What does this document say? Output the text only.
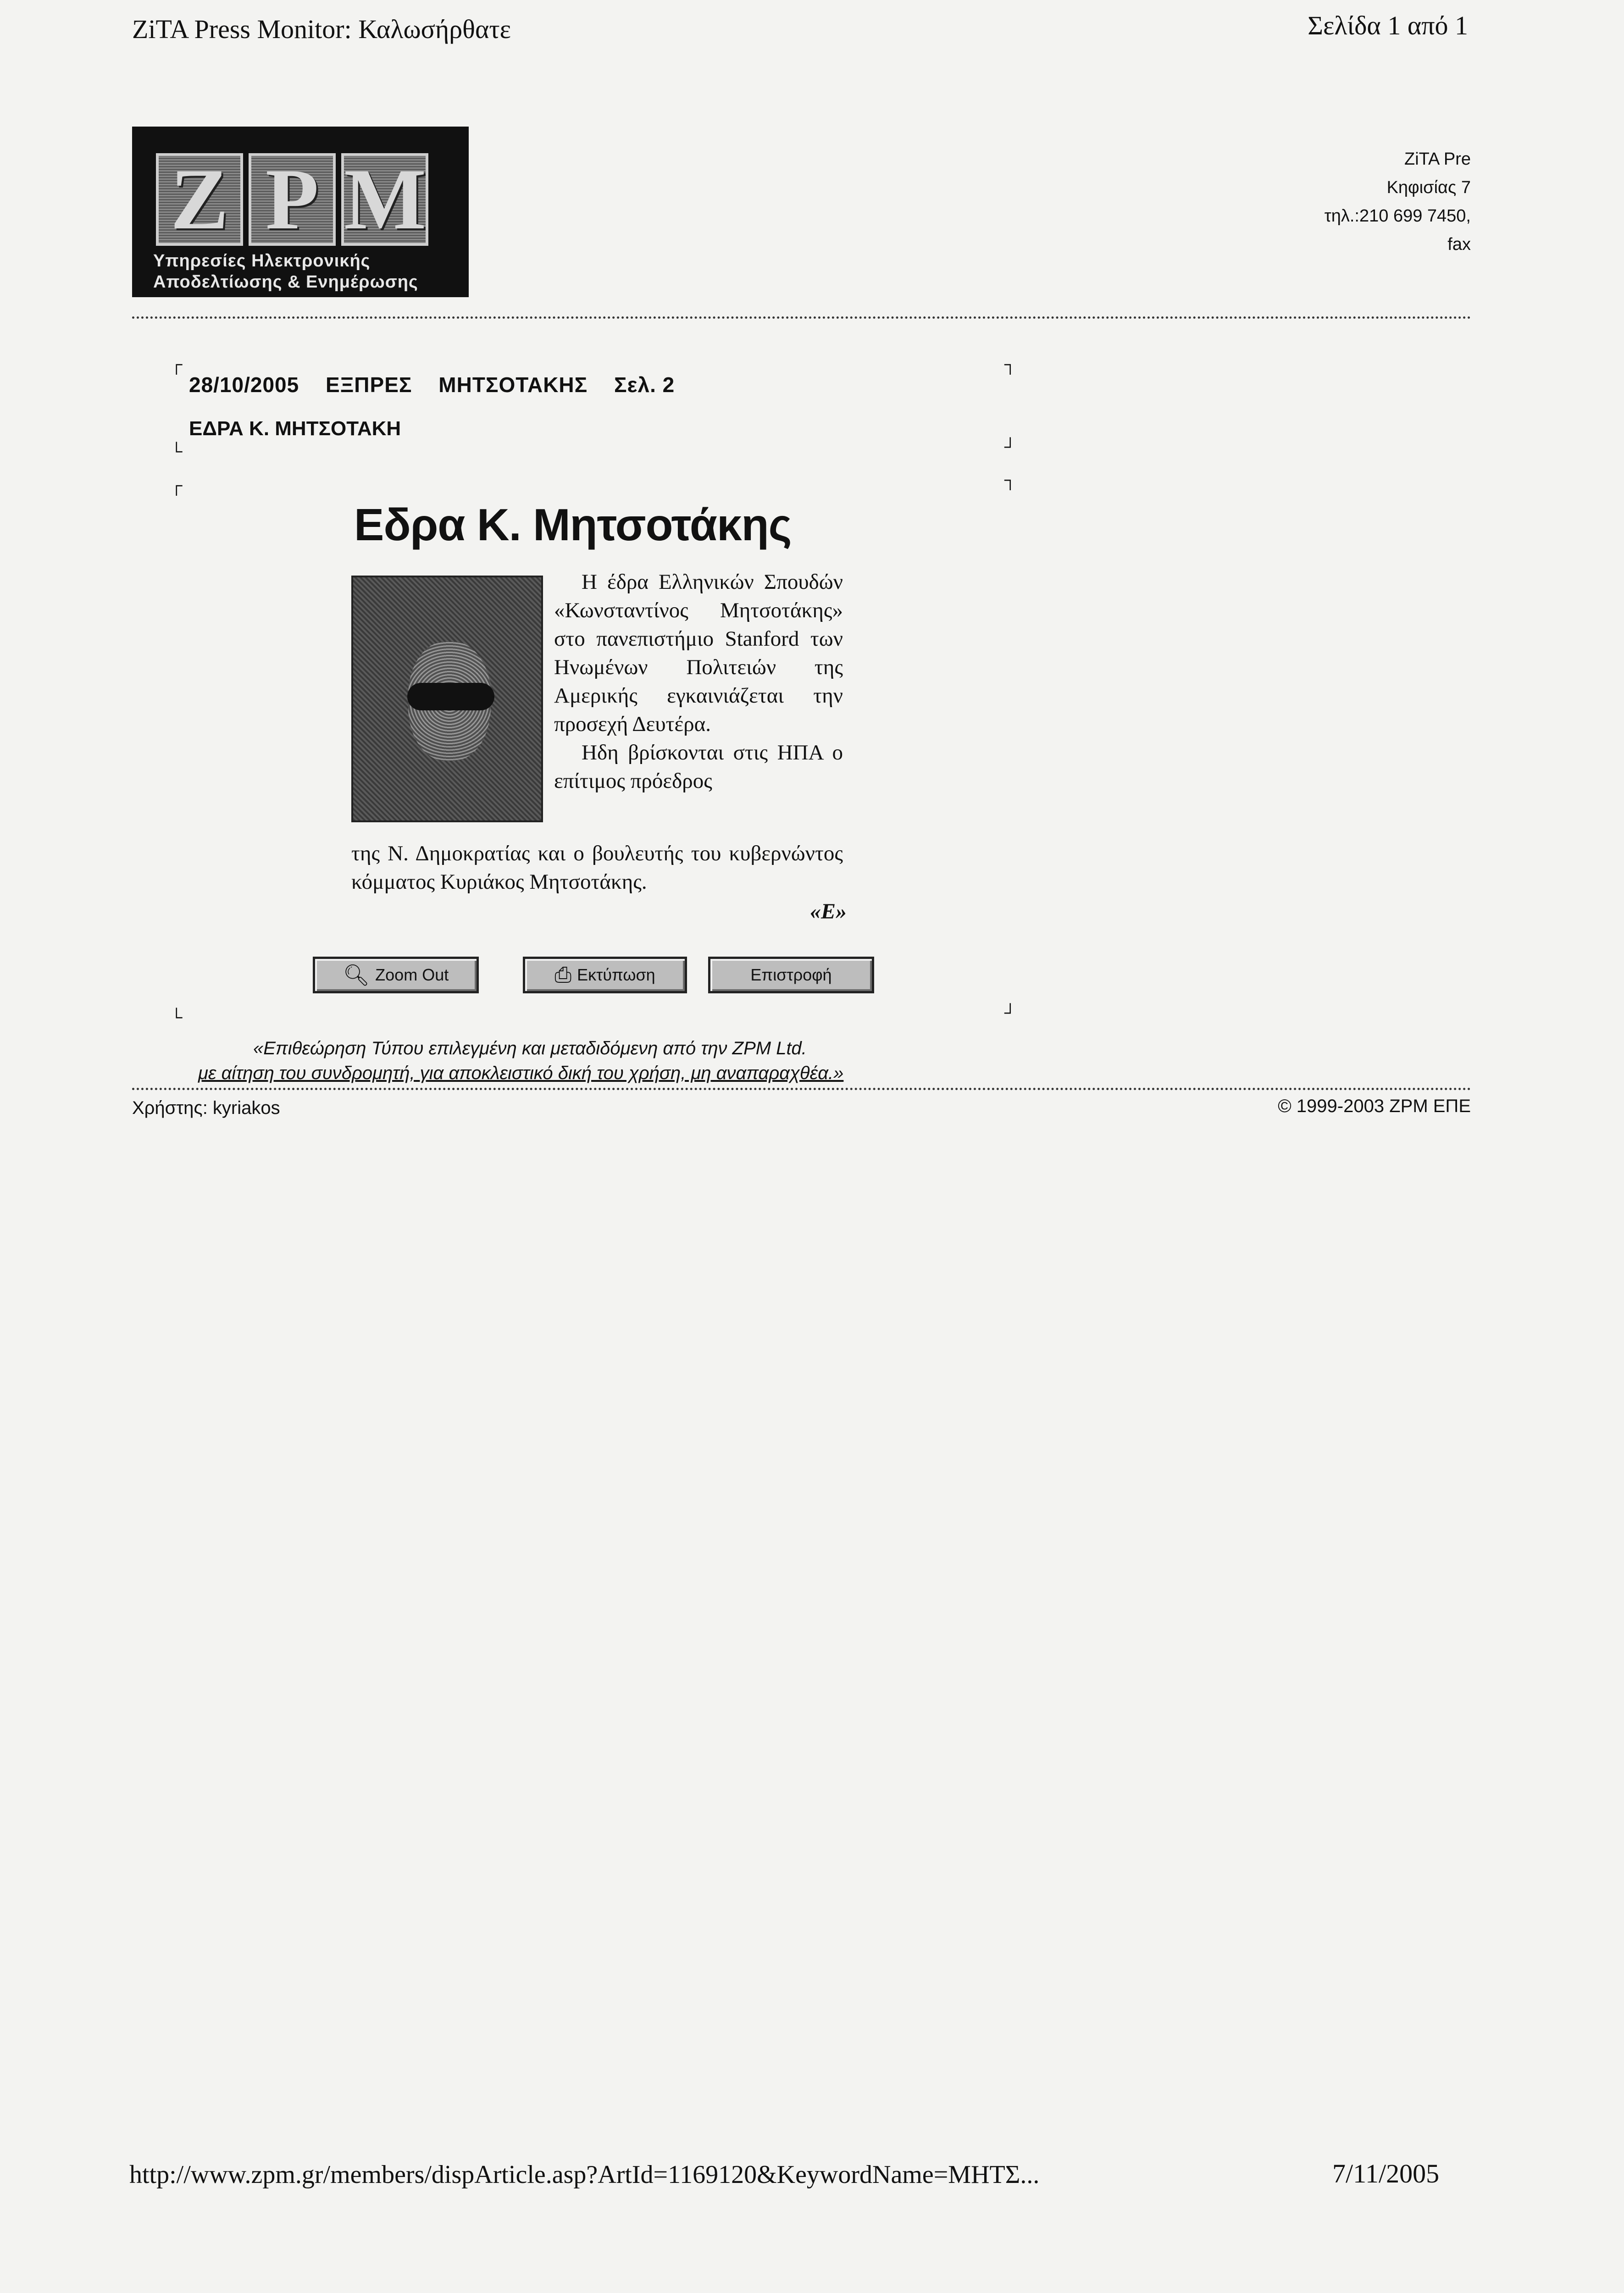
ZiTA Press Monitor: Καλωσήρθατε	Σελίδα 1 από 1
Z P M
Υπηρεσίες Ηλεκτρονικής
Αποδελτίωσης & Ενημέρωσης
ZiTA Pre
Κηφισίας 7
τηλ.:210 699 7450,
fax
┌	┐
└	┘
┌	┐
└	┘
28/10/2005 ΕΞΠΡΕΣ ΜΗΤΣΟΤΑΚΗΣ Σελ. 2
ΕΔΡΑ Κ. ΜΗΤΣΟΤΑΚΗ
Εδρα Κ. Μητσοτάκης
Η έδρα Ελληνικών Σπουδών «Κωνσταντίνος Μητσοτάκης» στο πανεπιστήμιο Stanford των Ηνωμένων Πολιτειών της Αμερικής εγκαινιάζεται την προσεχή Δευτέρα.
Ηδη βρίσκονται στις ΗΠΑ ο επίτιμος πρόεδρος
της Ν. Δημοκρατίας και ο βουλευτής του κυβερνώντος κόμματος Κυριάκος Μητσοτάκης.
«Ε»
🔍︎ Zoom Out	⎙ Εκτύπωση	Επιστροφή
«Επιθεώρηση Τύπου επιλεγμένη και μεταδιδόμενη από την ZPM Ltd.
με αίτηση του συνδρομητή, για αποκλειστικό δική του χρήση, μη αναπαραχθέα.»
Χρήστης: kyriakos	© 1999-2003 ZPM ΕΠΕ
http://www.zpm.gr/members/dispArticle.asp?ArtId=1169120&KeywordName=ΜΗΤΣ...	7/11/2005
